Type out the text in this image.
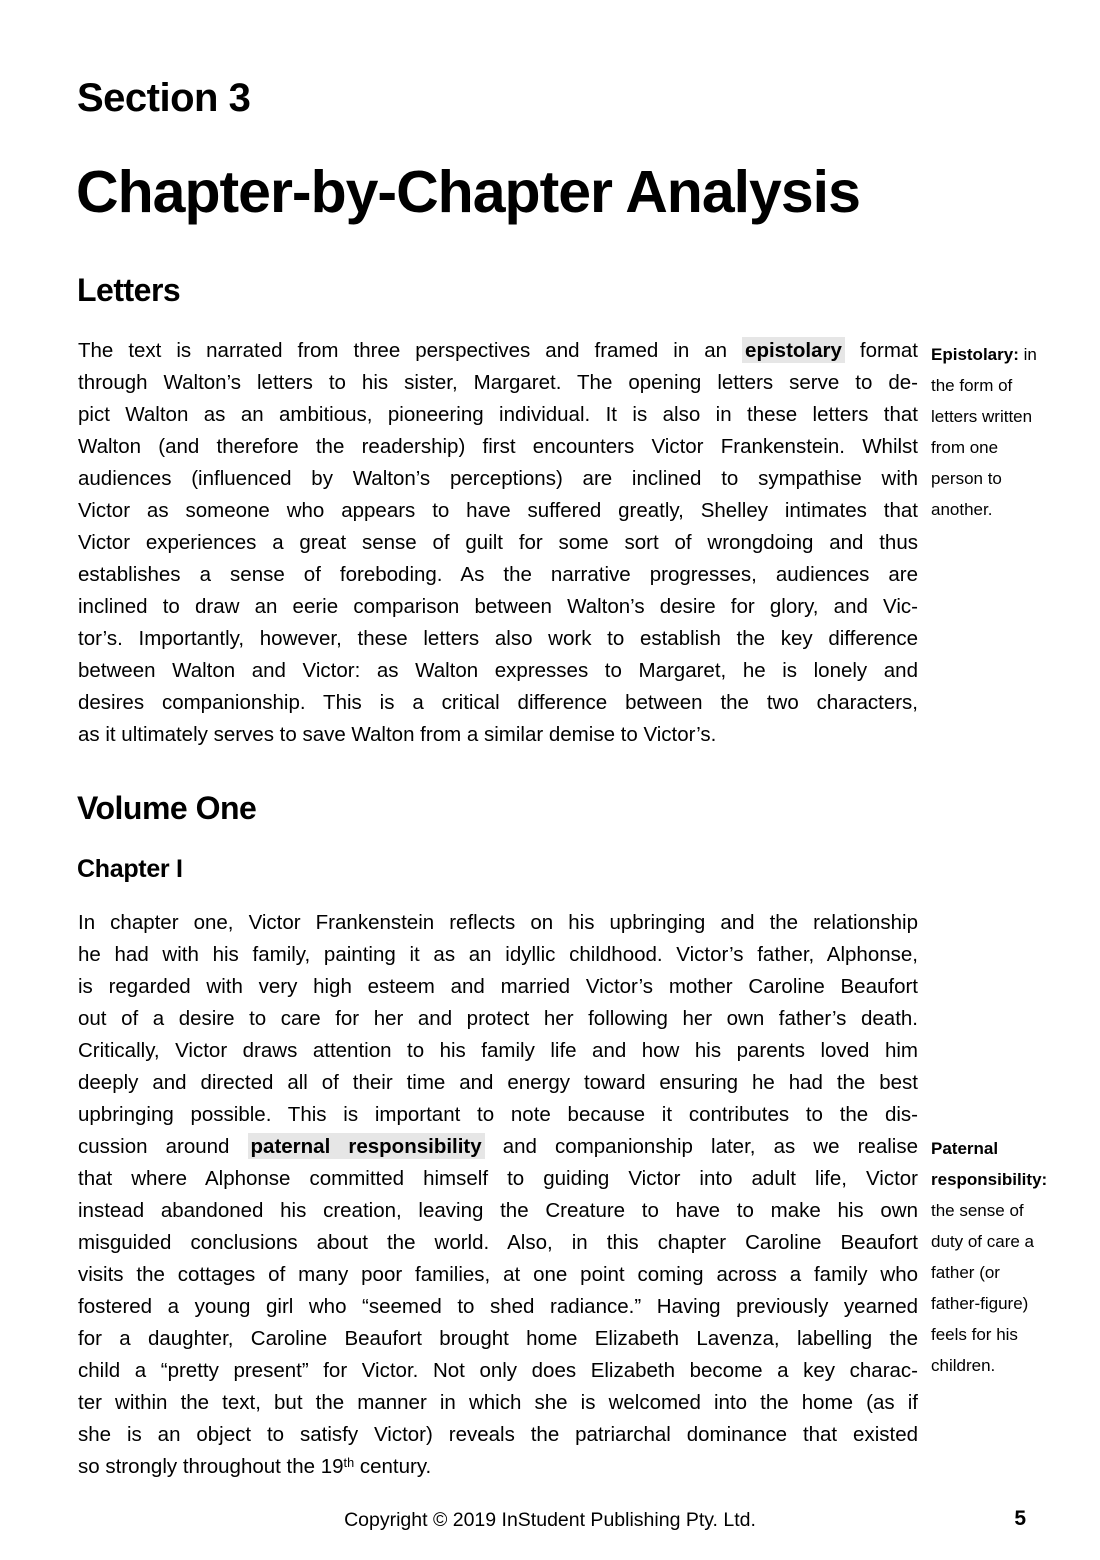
Section 3
Chapter-by-Chapter Analysis
Letters
The text is narrated from three perspectives and framed in an epistolary format
through Walton’s letters to his sister, Margaret. The opening letters serve to de-
pict Walton as an ambitious, pioneering individual. It is also in these letters that
Walton (and therefore the readership) first encounters Victor Frankenstein. Whilst
audiences (influenced by Walton’s perceptions) are inclined to sympathise with
Victor as someone who appears to have suffered greatly, Shelley intimates that
Victor experiences a great sense of guilt for some sort of wrongdoing and thus
establishes a sense of foreboding. As the narrative progresses, audiences are
inclined to draw an eerie comparison between Walton’s desire for glory, and Vic-
tor’s. Importantly, however, these letters also work to establish the key difference
between Walton and Victor: as Walton expresses to Margaret, he is lonely and
desires companionship. This is a critical difference between the two characters,
as it ultimately serves to save Walton from a similar demise to Victor’s.
Epistolary: in
the form of
letters written
from one
person to
another.
Volume One
Chapter I
In chapter one, Victor Frankenstein reflects on his upbringing and the relationship
he had with his family, painting it as an idyllic childhood. Victor’s father, Alphonse,
is regarded with very high esteem and married Victor’s mother Caroline Beaufort
out of a desire to care for her and protect her following her own father’s death.
Critically, Victor draws attention to his family life and how his parents loved him
deeply and directed all of their time and energy toward ensuring he had the best
upbringing possible. This is important to note because it contributes to the dis-
cussion around paternal responsibility and companionship later, as we realise
that where Alphonse committed himself to guiding Victor into adult life, Victor
instead abandoned his creation, leaving the Creature to have to make his own
misguided conclusions about the world. Also, in this chapter Caroline Beaufort
visits the cottages of many poor families, at one point coming across a family who
fostered a young girl who “seemed to shed radiance.” Having previously yearned
for a daughter, Caroline Beaufort brought home Elizabeth Lavenza, labelling the
child a “pretty present” for Victor. Not only does Elizabeth become a key charac-
ter within the text, but the manner in which she is welcomed into the home (as if
she is an object to satisfy Victor) reveals the patriarchal dominance that existed
so strongly throughout the 19th century.
Paternal
responsibility:
the sense of
duty of care a
father (or
father-figure)
feels for his
children.
Copyright © 2019 InStudent Publishing Pty. Ltd.	5
